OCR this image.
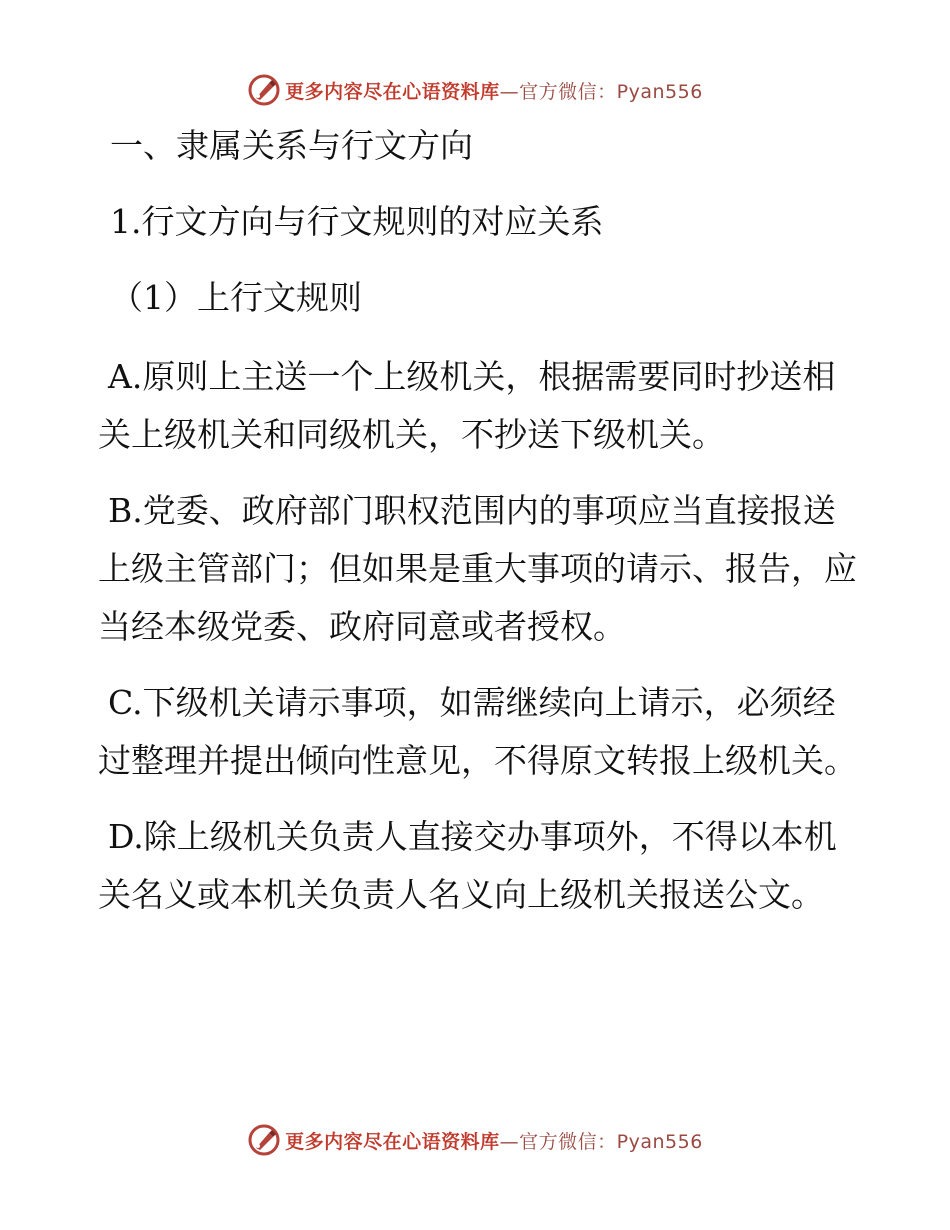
更多内容尽在心语资料库—官方微信：Pyan556
一、隶属关系与行文方向
1.行文方向与行文规则的对应关系
（1）上行文规则

A.原则上主送一个上级机关，根据需要同时抄送相关上级机关和同级机关，不抄送下级机关。

B.党委、政府部门职权范围内的事项应当直接报送上级主管部门；但如果是重大事项的请示、报告，应当经本级党委、政府同意或者授权。

C.下级机关请示事项，如需继续向上请示，必须经过整理并提出倾向性意见，不得原文转报上级机关。

D.除上级机关负责人直接交办事项外，不得以本机关名义或本机关负责人名义向上级机关报送公文。

更多内容尽在心语资料库—官方微信：Pyan556
